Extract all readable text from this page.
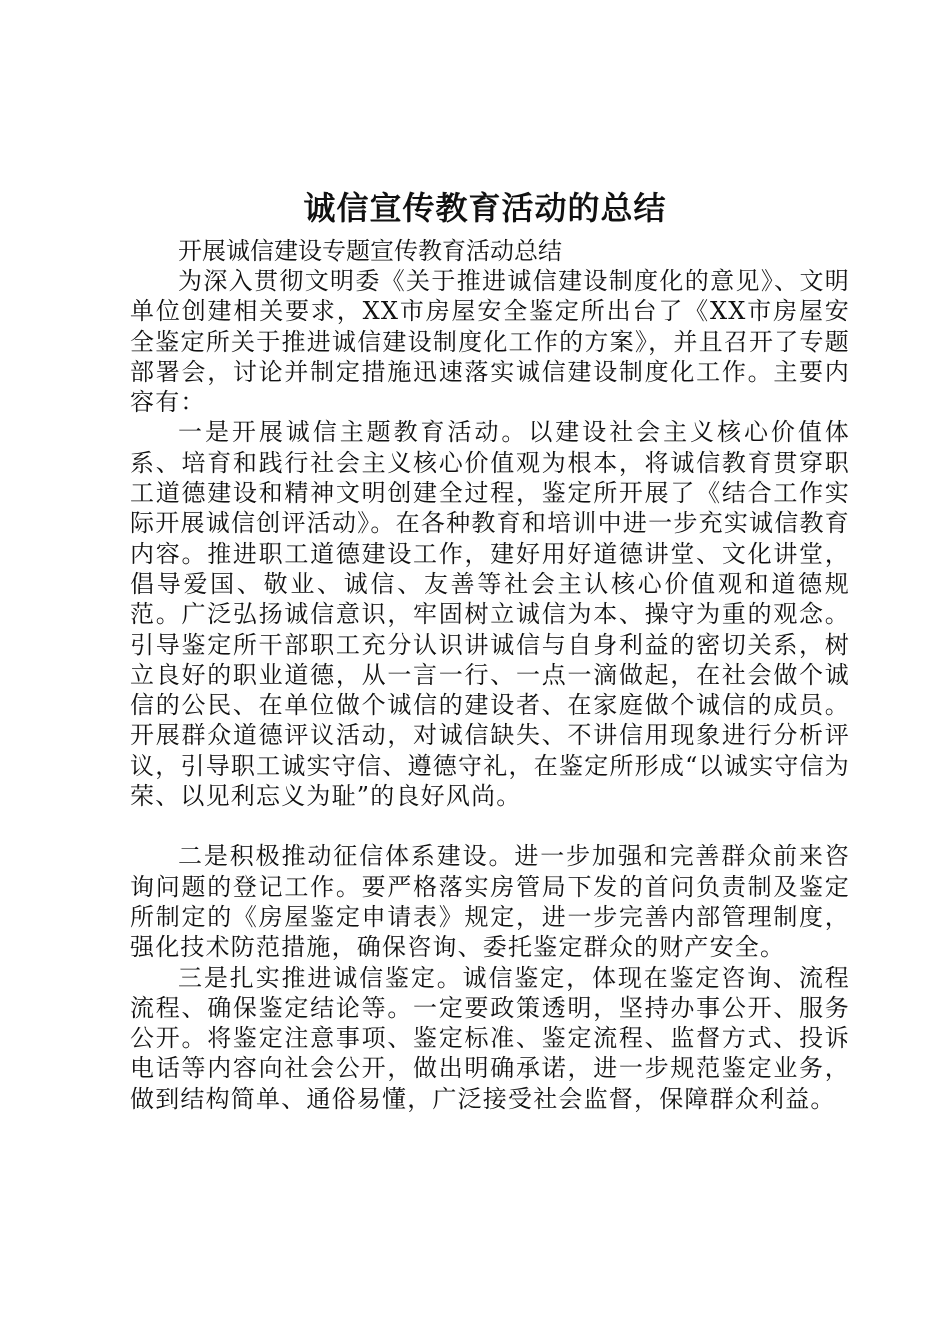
诚信宣传教育活动的总结

开展诚信建设专题宣传教育活动总结

为深入贯彻文明委《关于推进诚信建设制度化的意见》、文明单位创建相关要求，XX市房屋安全鉴定所出台了《XX市房屋安全鉴定所关于推进诚信建设制度化工作的方案》，并且召开了专题部署会，讨论并制定措施迅速落实诚信建设制度化工作。主要内容有：

一是开展诚信主题教育活动。以建设社会主义核心价值体系、培育和践行社会主义核心价值观为根本，将诚信教育贯穿职工道德建设和精神文明创建全过程，鉴定所开展了《结合工作实际开展诚信创评活动》。在各种教育和培训中进一步充实诚信教育内容。推进职工道德建设工作，建好用好道德讲堂、文化讲堂，倡导爱国、敬业、诚信、友善等社会主认核心价值观和道德规范。广泛弘扬诚信意识，牢固树立诚信为本、操守为重的观念。引导鉴定所干部职工充分认识讲诚信与自身利益的密切关系，树立良好的职业道德，从一言一行、一点一滴做起，在社会做个诚信的公民、在单位做个诚信的建设者、在家庭做个诚信的成员。开展群众道德评议活动，对诚信缺失、不讲信用现象进行分析评议，引导职工诚实守信、遵德守礼，在鉴定所形成“以诚实守信为荣、以见利忘义为耻”的良好风尚。

二是积极推动征信体系建设。进一步加强和完善群众前来咨询问题的登记工作。要严格落实房管局下发的首问负责制及鉴定所制定的《房屋鉴定申请表》规定，进一步完善内部管理制度，强化技术防范措施，确保咨询、委托鉴定群众的财产安全。

三是扎实推进诚信鉴定。诚信鉴定，体现在鉴定咨询、流程流程、确保鉴定结论等。一定要政策透明，坚持办事公开、服务公开。将鉴定注意事项、鉴定标准、鉴定流程、监督方式、投诉电话等内容向社会公开，做出明确承诺，进一步规范鉴定业务，做到结构简单、通俗易懂，广泛接受社会监督，保障群众利益。
